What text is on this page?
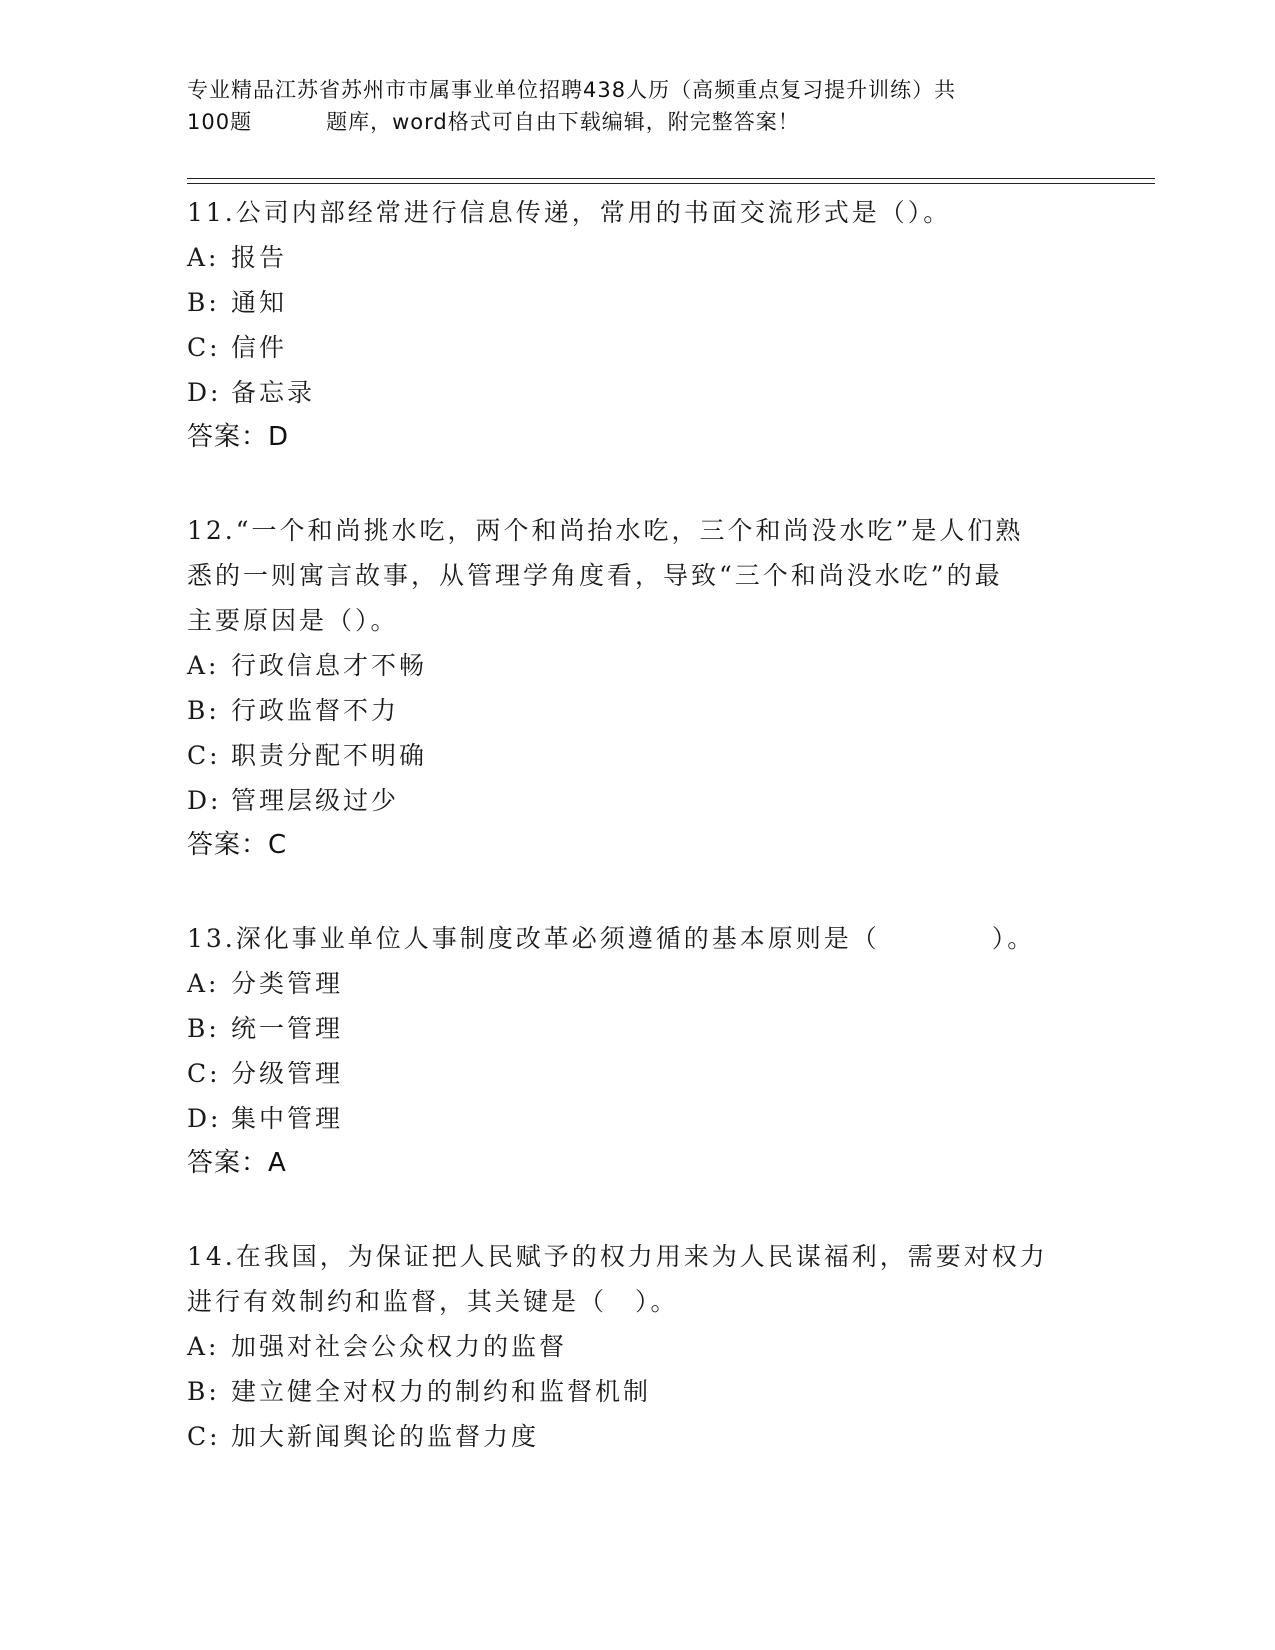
专业精品江苏省苏州市市属事业单位招聘438人历（高频重点复习提升训练）共

100题	题库，word格式可自由下载编辑，附完整答案！
11.公司内部经常进行信息传递，常用的书面交流形式是（）。
A: 报告
B: 通知
C: 信件
D: 备忘录
答案：D
12.“一个和尚挑水吃，两个和尚抬水吃，三个和尚没水吃”是人们熟
悉的一则寓言故事，从管理学角度看，导致“三个和尚没水吃”的最
主要原因是（）。
A: 行政信息才不畅
B: 行政监督不力
C: 职责分配不明确
D: 管理层级过少
答案：C
13.深化事业单位人事制度改革必须遵循的基本原则是（　　　　）。
A: 分类管理
B: 统一管理
C: 分级管理
D: 集中管理
答案：A
14.在我国，为保证把人民赋予的权力用来为人民谋福利，需要对权力
进行有效制约和监督，其关键是（　）。
A: 加强对社会公众权力的监督
B: 建立健全对权力的制约和监督机制
C: 加大新闻舆论的监督力度
